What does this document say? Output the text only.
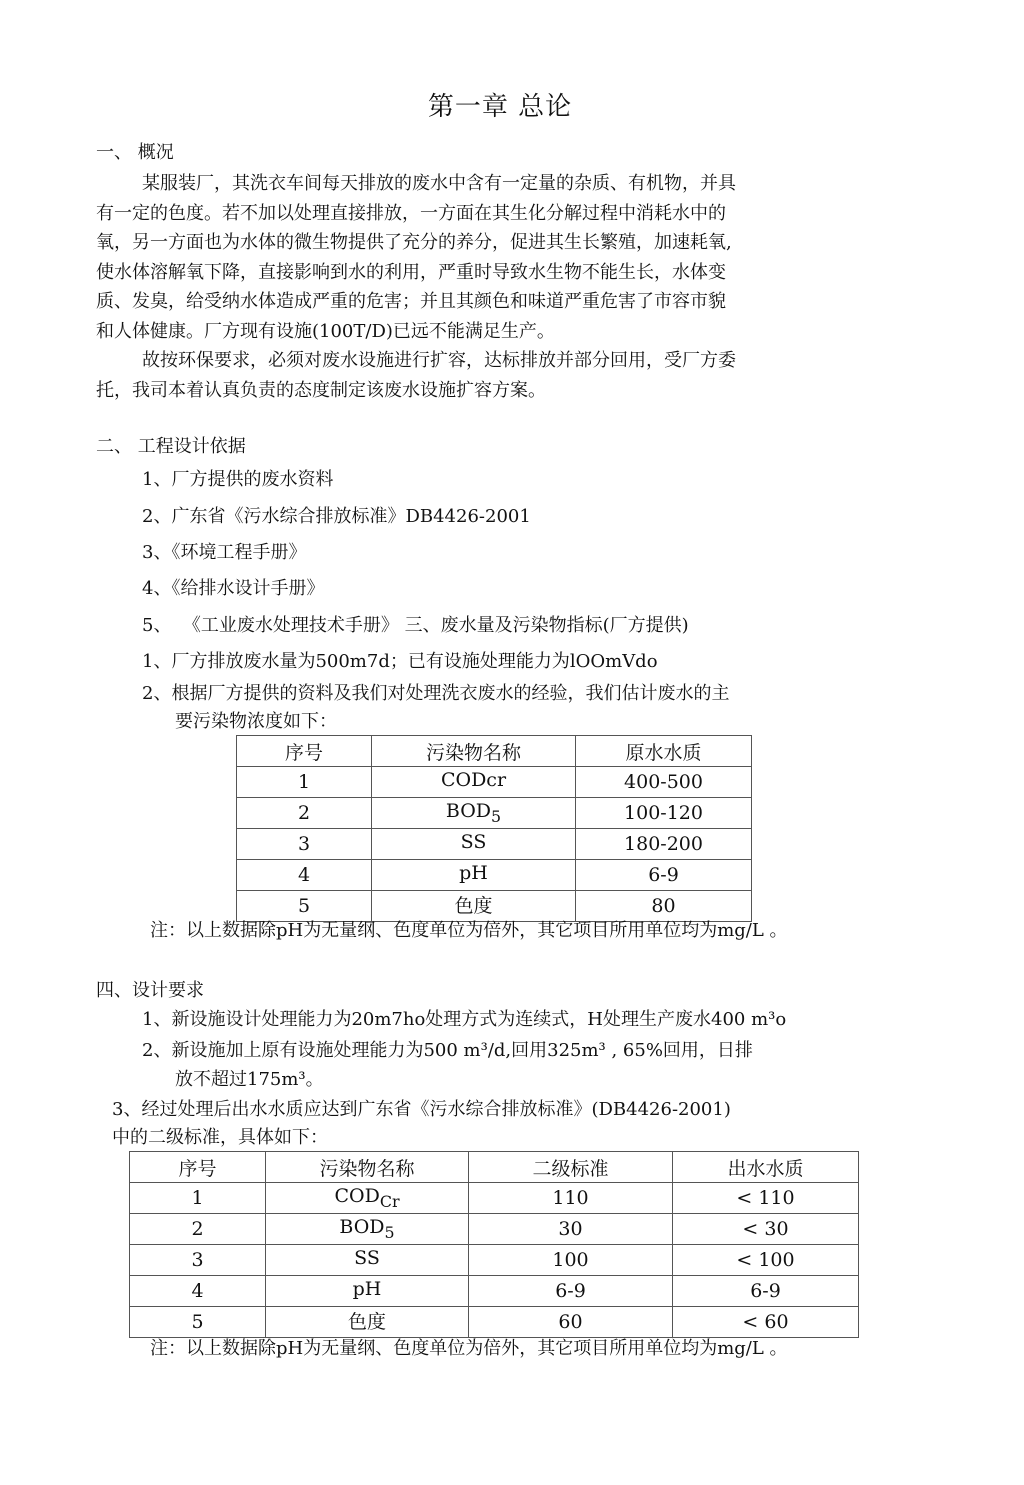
第一章 总论
一、 概况
某服装厂，其洗衣车间每天排放的废水中含有一定量的杂质、有机物，并具
有一定的色度。若不加以处理直接排放，一方面在其生化分解过程中消耗水中的
氧，另一方面也为水体的微生物提供了充分的养分，促进其生长繁殖，加速耗氧,
使水体溶解氧下降，直接影响到水的利用，严重时导致水生物不能生长，水体变
质、发臭，给受纳水体造成严重的危害；并且其颜色和味道严重危害了市容市貌
和人体健康。厂方现有设施(100T/D)已远不能满足生产。
故按环保要求，必须对废水设施进行扩容，达标排放并部分回用，受厂方委
托，我司本着认真负责的态度制定该废水设施扩容方案。
二、 工程设计依据
1、厂方提供的废水资料
2、广东省《污水综合排放标准》DB4426-2001
3、《环境工程手册》
4、《给排水设计手册》
5、  《工业废水处理技术手册》 三、废水量及污染物指标(厂方提供)
1、厂方排放废水量为500m7d；已有设施处理能力为lOOmVdo
2、根据厂方提供的资料及我们对处理洗衣废水的经验，我们估计废水的主
要污染物浓度如下：
序号	污染物名称	原水水质
1	CODcr	400-500
2	$BOD_5$	100-120
3	SS	180-200
4	pH	6-9
5	色度	80
注：以上数据除pH为无量纲、色度单位为倍外，其它项目所用单位均为mg/L 。
四、设计要求
1、新设施设计处理能力为20m7ho处理方式为连续式，H处理生产废水400 m³o
2、新设施加上原有设施处理能力为500 m³/d,回用325m³ , 65%回用，日排
放不超过175m³。
3、经过处理后出水水质应达到广东省《污水综合排放标准》(DB4426-2001)
中的二级标准，具体如下：
序号	污染物名称	二级标准	出水水质
1	$COD_{Cr}$	110	< 110
2	$BOD_5$	30	< 30
3	SS	100	< 100
4	pH	6-9	6-9
5	色度	60	< 60
注：以上数据除pH为无量纲、色度单位为倍外，其它项目所用单位均为mg/L 。
